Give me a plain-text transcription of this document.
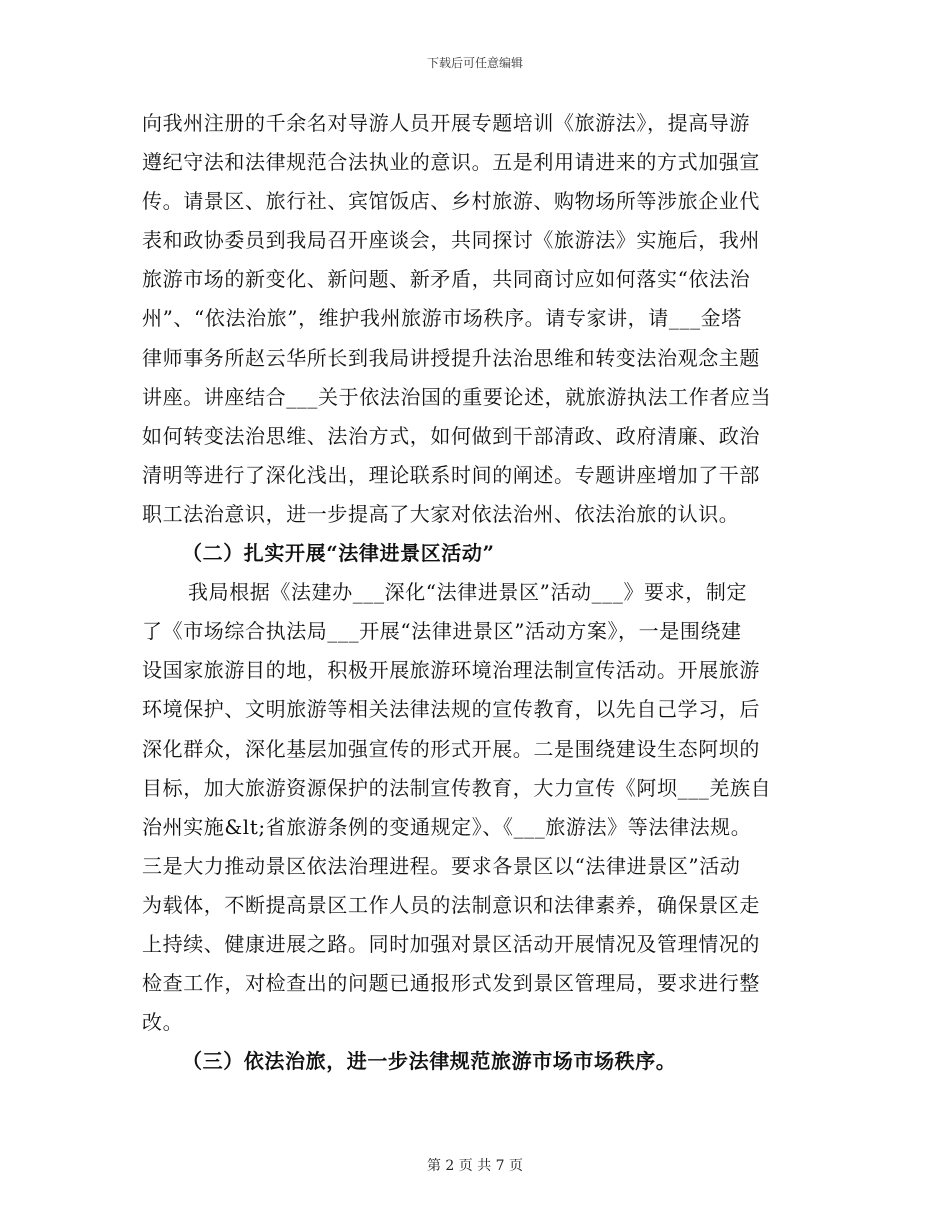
下载后可任意编辑
向我州注册的千余名对导游人员开展专题培训《旅游法》，提高导游
遵纪守法和法律规范合法执业的意识。五是利用请进来的方式加强宣
传。请景区、旅行社、宾馆饭店、乡村旅游、购物场所等涉旅企业代
表和政协委员到我局召开座谈会，共同探讨《旅游法》实施后，我州
旅游市场的新变化、新问题、新矛盾，共同商讨应如何落实“依法治
州”、“依法治旅”，维护我州旅游市场秩序。请专家讲，请___金塔
律师事务所赵云华所长到我局讲授提升法治思维和转变法治观念主题
讲座。讲座结合___关于依法治国的重要论述，就旅游执法工作者应当
如何转变法治思维、法治方式，如何做到干部清政、政府清廉、政治
清明等进行了深化浅出，理论联系时间的阐述。专题讲座增加了干部
职工法治意识，进一步提高了大家对依法治州、依法治旅的认识。
（二）扎实开展“法律进景区活动”
我局根据《法建办___深化“法律进景区”活动___》要求，制定
了《市场综合执法局___开展“法律进景区”活动方案》，一是围绕建
设国家旅游目的地，积极开展旅游环境治理法制宣传活动。开展旅游
环境保护、文明旅游等相关法律法规的宣传教育，以先自己学习，后
深化群众，深化基层加强宣传的形式开展。二是围绕建设生态阿坝的
目标，加大旅游资源保护的法制宣传教育，大力宣传《阿坝___羌族自
治州实施&lt;省旅游条例的变通规定》、《___旅游法》等法律法规。
三是大力推动景区依法治理进程。要求各景区以“法律进景区”活动
为载体，不断提高景区工作人员的法制意识和法律素养，确保景区走
上持续、健康进展之路。同时加强对景区活动开展情况及管理情况的
检查工作，对检查出的问题已通报形式发到景区管理局，要求进行整
改。
（三）依法治旅，进一步法律规范旅游市场市场秩序。
第 2 页 共 7 页
